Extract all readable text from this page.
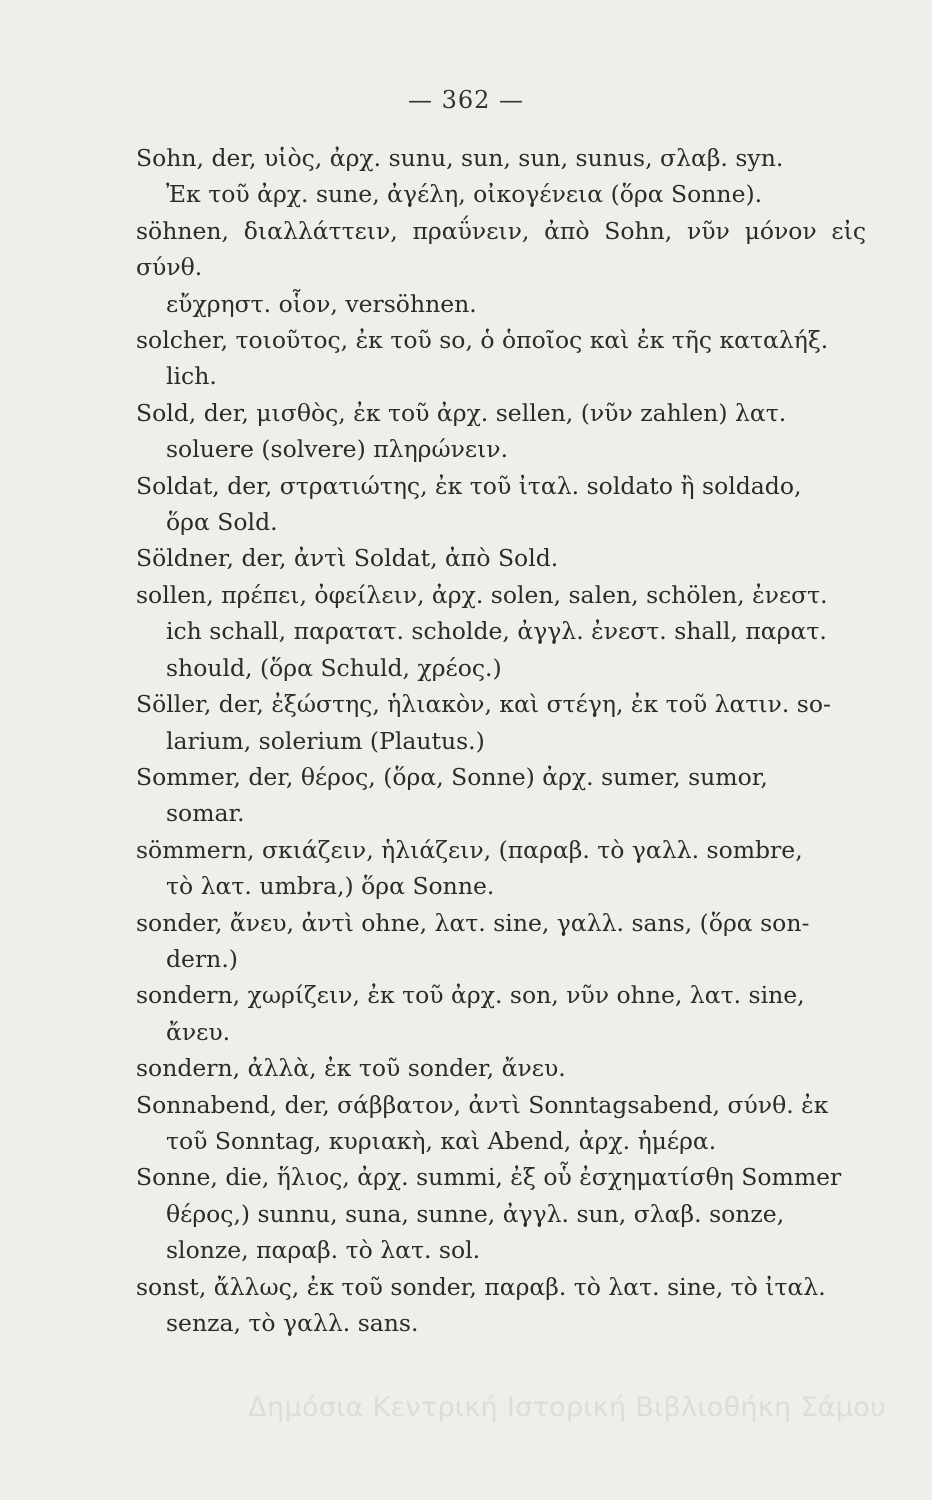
— 362 —
Sohn, der, υἱὸς, ἀρχ. sunu, sun, sun, sunus, σλαβ. syn.
Ἐκ τοῦ ἀρχ. sune, ἀγέλη, οἰκογένεια (ὅρα Sonne).
söhnen, διαλλάττειν, πραΰνειν, ἀπὸ Sohn, νῦν μόνον εἰς σύνθ.
εὔχρηστ. οἷον, versöhnen.
solcher, τοιοῦτος, ἐκ τοῦ so, ὁ ὁποῖος καὶ ἐκ τῆς καταλήξ.
lich.
Sold, der, μισθὸς, ἐκ τοῦ ἀρχ. sellen, (νῦν zahlen) λατ.
soluere (solvere) πληρώνειν.
Soldat, der, στρατιώτης, ἐκ τοῦ ἰταλ. soldato ἢ soldado,
ὅρα Sold.
Söldner, der, ἀντὶ Soldat, ἀπὸ Sold.
sollen, πρέπει, ὀφείλειν, ἀρχ. solen, salen, schölen, ἐνεστ.
ich schall, παρατατ. scholde, ἀγγλ. ἐνεστ. shall, παρατ.
should, (ὅρα Schuld, χρέος.)
Söller, der, ἐξώστης, ἡλιακὸν, καὶ στέγη, ἐκ τοῦ λατιν. so-
larium, solerium (Plautus.)
Sommer, der, θέρος, (ὅρα, Sonne) ἀρχ. sumer, sumor,
somar.
sömmern, σκιάζειν, ἡλιάζειν, (παραβ. τὸ γαλλ. sombre,
τὸ λατ. umbra,) ὅρα Sonne.
sonder, ἄνευ, ἀντὶ ohne, λατ. sine, γαλλ. sans, (ὅρα son-
dern.)
sondern, χωρίζειν, ἐκ τοῦ ἀρχ. son, νῦν ohne, λατ. sine,
ἄνευ.
sondern, ἀλλὰ, ἐκ τοῦ sonder, ἄνευ.
Sonnabend, der, σάββατον, ἀντὶ Sonntagsabend, σύνθ. ἐκ
τοῦ Sonntag, κυριακὴ, καὶ Abend, ἀρχ. ἡμέρα.
Sonne, die, ἥλιος, ἀρχ. summi, ἐξ οὗ ἐσχηματίσθη Sommer
θέρος,) sunnu, suna, sunne, ἀγγλ. sun, σλαβ. sonze,
slonze, παραβ. τὸ λατ. sol.
sonst, ἄλλως, ἐκ τοῦ sonder, παραβ. τὸ λατ. sine, τὸ ἰταλ.
senza, τὸ γαλλ. sans.
Δημόσια Κεντρική Ιστορική Βιβλιοθήκη Σάμου
